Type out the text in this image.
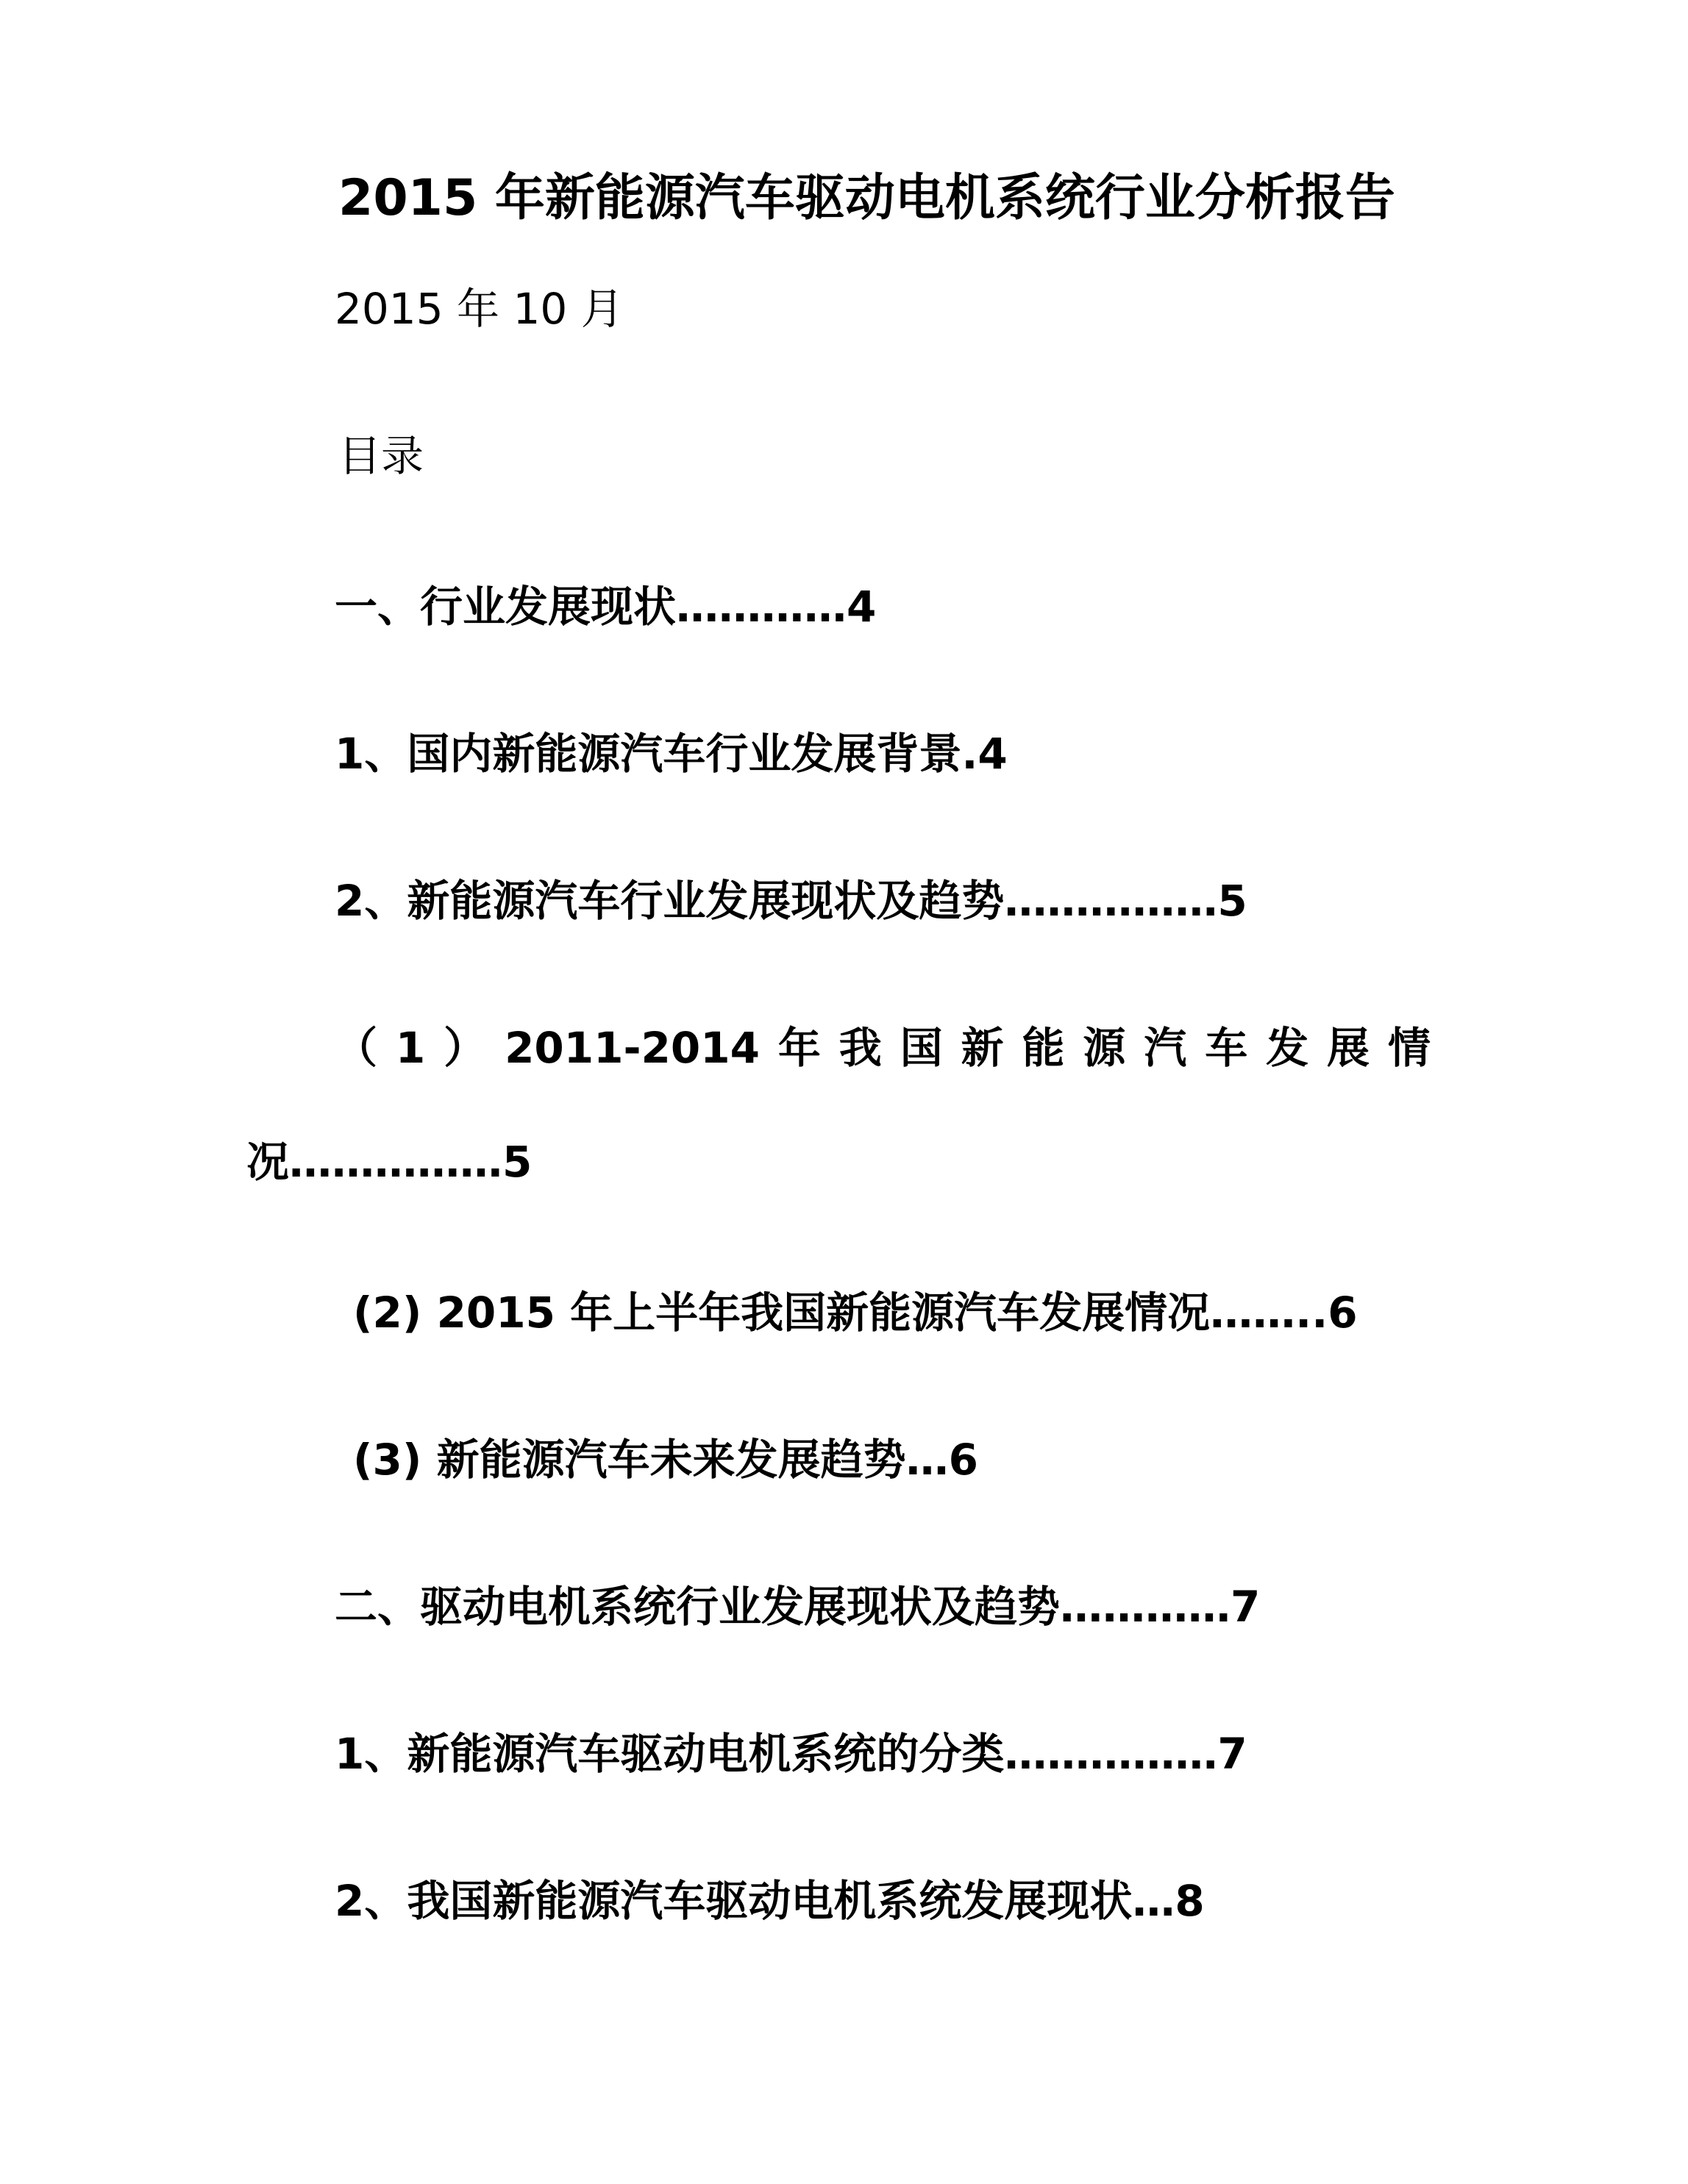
2015 年新能源汽车驱动电机系统行业分析报告
2015 年 10 月
目录
一、行业发展现状…………4
1、国内新能源汽车行业发展背景.4
2、新能源汽车行业发展现状及趋势……………5
（ 1 ） 2011-2014 年 我 国 新 能 源 汽 车 发 展 情
况……………5
(2) 2015 年上半年我国新能源汽车发展情况……..6
(3) 新能源汽车未来发展趋势…6
二、驱动电机系统行业发展现状及趋势…………7
1、新能源汽车驱动电机系统的分类……………7
2、我国新能源汽车驱动电机系统发展现状…8
